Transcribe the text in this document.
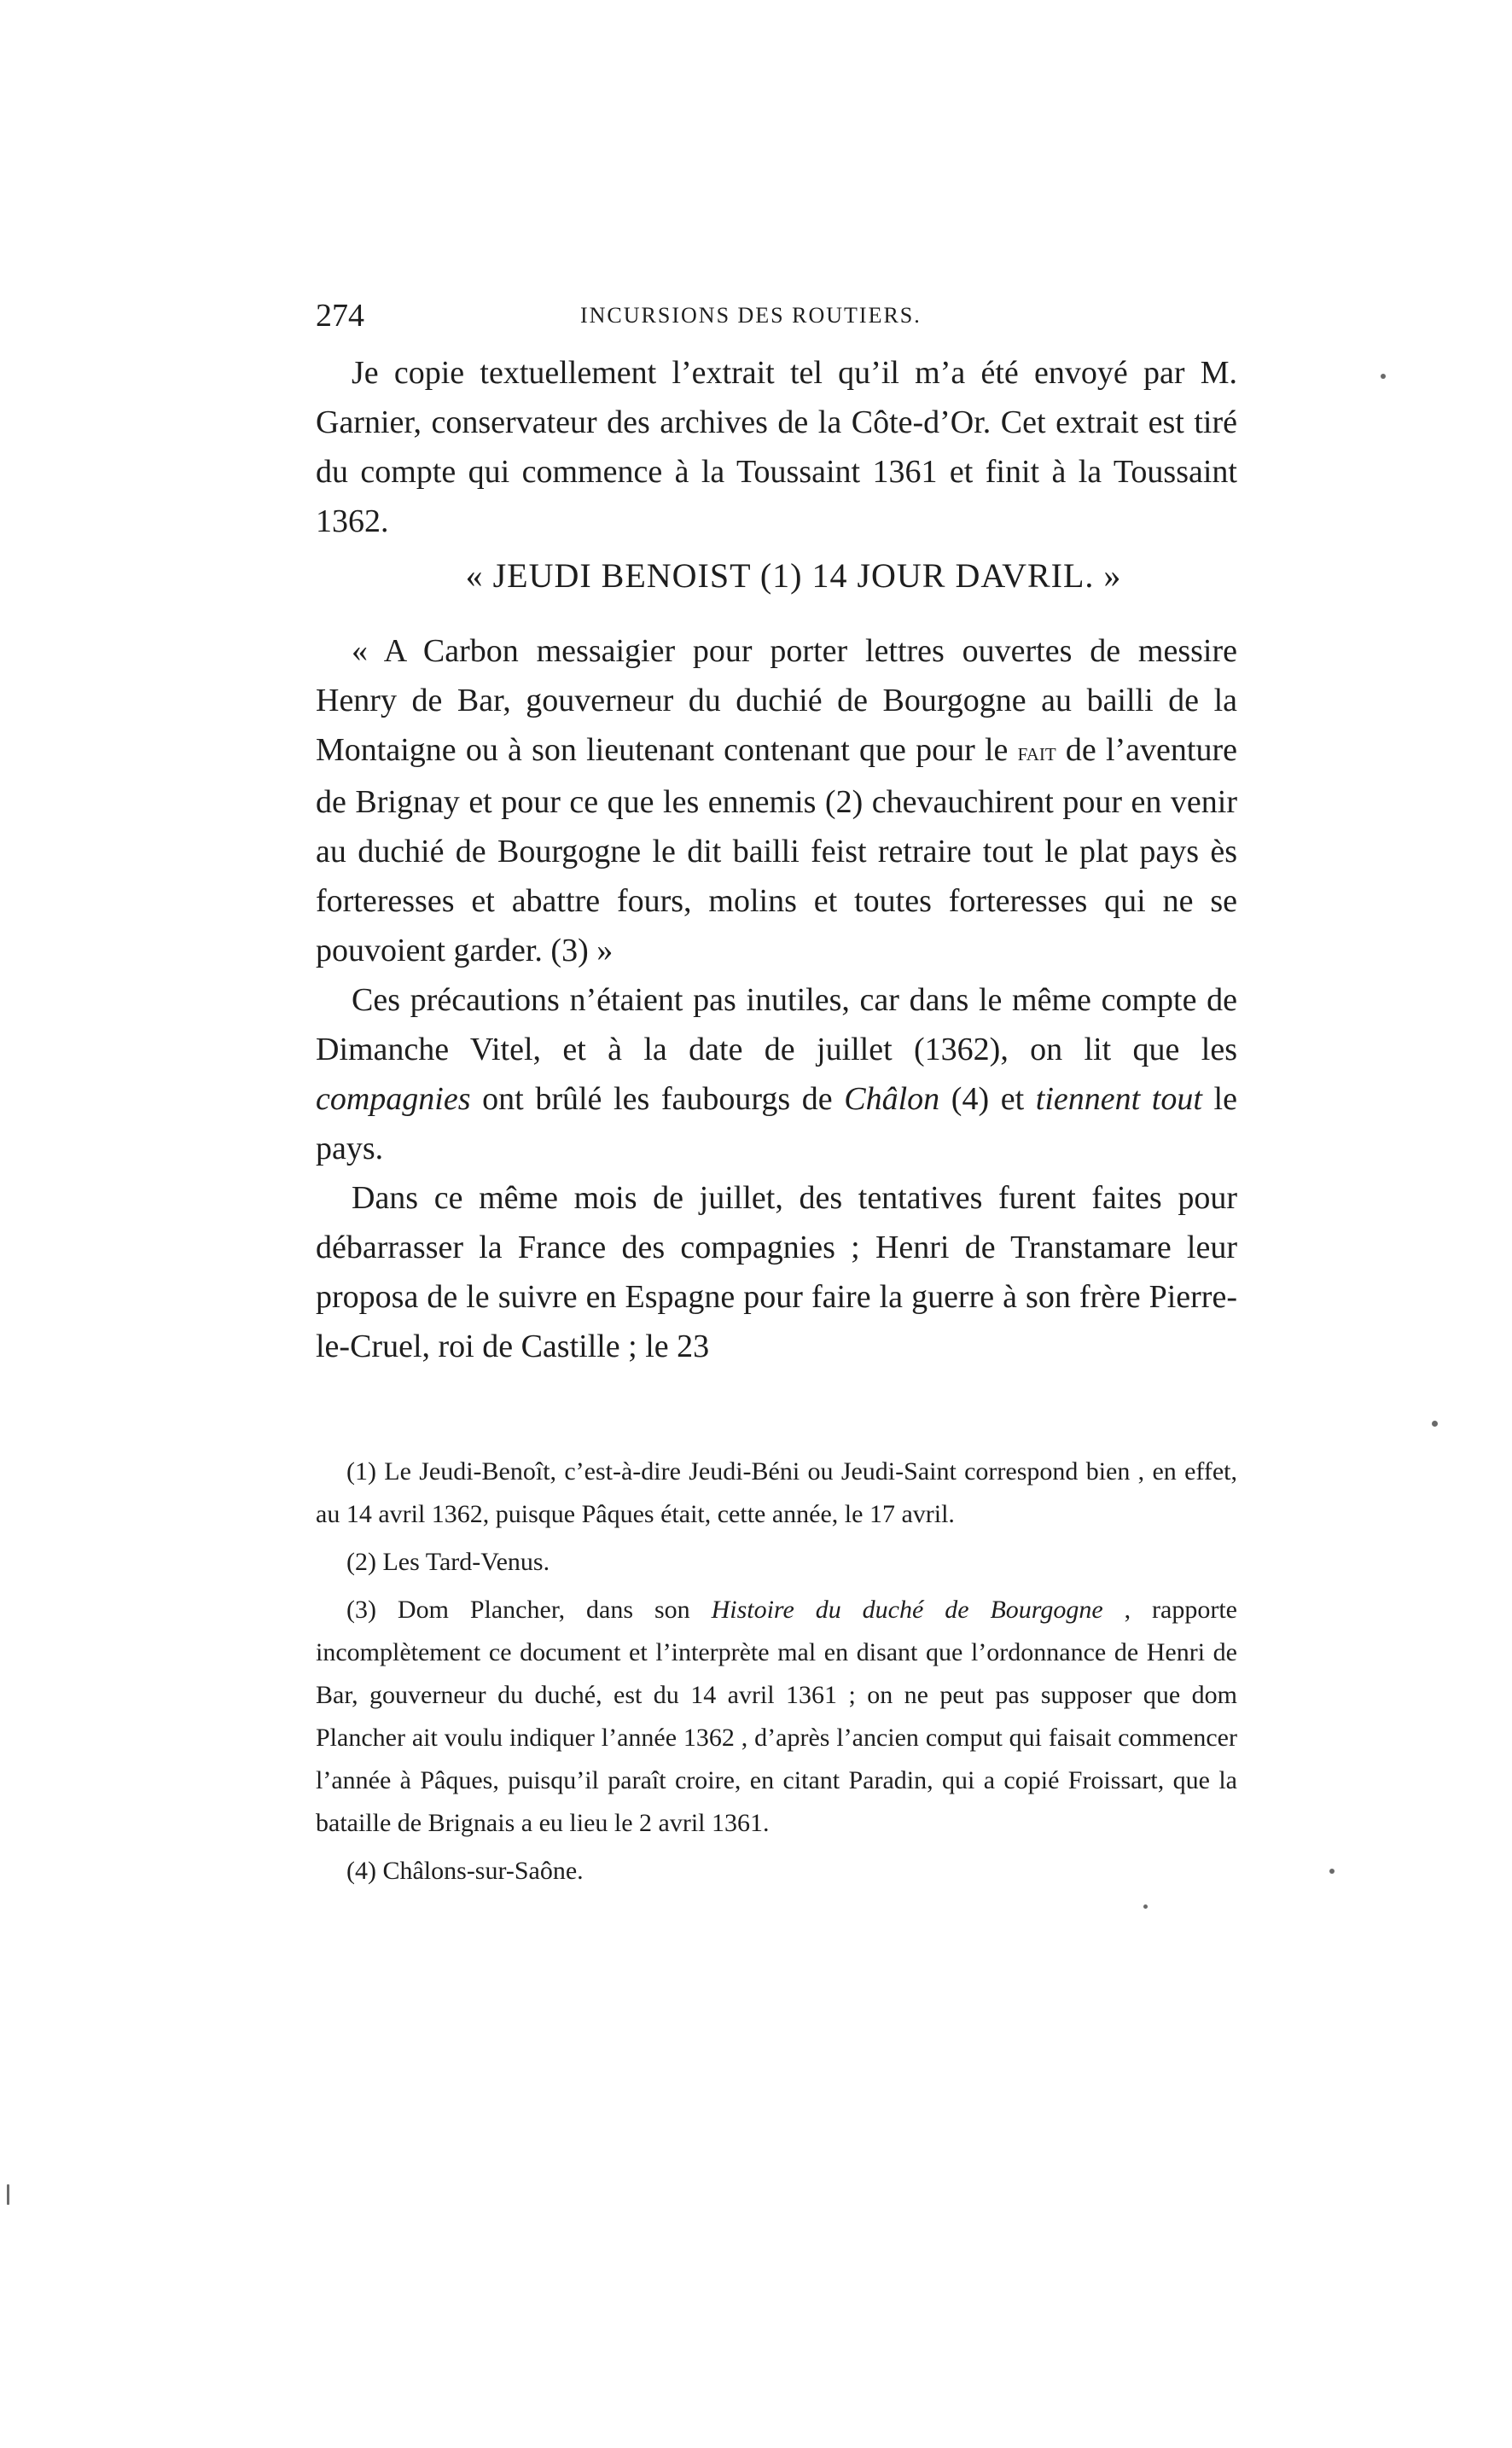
274	INCURSIONS DES ROUTIERS.

Je copie textuellement l’extrait tel qu’il m’a été envoyé par M. Garnier, conservateur des archives de la Côte-d’Or. Cet extrait est tiré du compte qui commence à la Toussaint 1361 et finit à la Toussaint 1362.

« JEUDI BENOIST (1) 14 JOUR DAVRIL. »

« A Carbon messaigier pour porter lettres ouvertes de messire Henry de Bar, gouverneur du duchié de Bourgogne au bailli de la Montaigne ou à son lieutenant contenant que pour le fait de l’aventure de Brignay et pour ce que les ennemis (2) chevauchirent pour en venir au duchié de Bourgogne le dit bailli feist retraire tout le plat pays ès forteresses et abattre fours, molins et toutes forteresses qui ne se pouvoient garder. (3) »

Ces précautions n’étaient pas inutiles, car dans le même compte de Dimanche Vitel, et à la date de juillet (1362), on lit que les compagnies ont brûlé les faubourgs de Châlon (4) et tiennent tout le pays.

Dans ce même mois de juillet, des tentatives furent faites pour débarrasser la France des compagnies ; Henri de Transtamare leur proposa de le suivre en Espagne pour faire la guerre à son frère Pierre-le-Cruel, roi de Castille ; le 23

(1) Le Jeudi-Benoît, c’est-à-dire Jeudi-Béni ou Jeudi-Saint correspond bien , en effet, au 14 avril 1362, puisque Pâques était, cette année, le 17 avril.

(2) Les Tard-Venus.

(3) Dom Plancher, dans son Histoire du duché de Bourgogne , rapporte incomplètement ce document et l’interprète mal en disant que l’ordonnance de Henri de Bar, gouverneur du duché, est du 14 avril 1361 ; on ne peut pas supposer que dom Plancher ait voulu indiquer l’année 1362 , d’après l’ancien comput qui faisait commencer l’année à Pâques, puisqu’il paraît croire, en citant Paradin, qui a copié Froissart, que la bataille de Brignais a eu lieu le 2 avril 1361.

(4) Châlons-sur-Saône.
